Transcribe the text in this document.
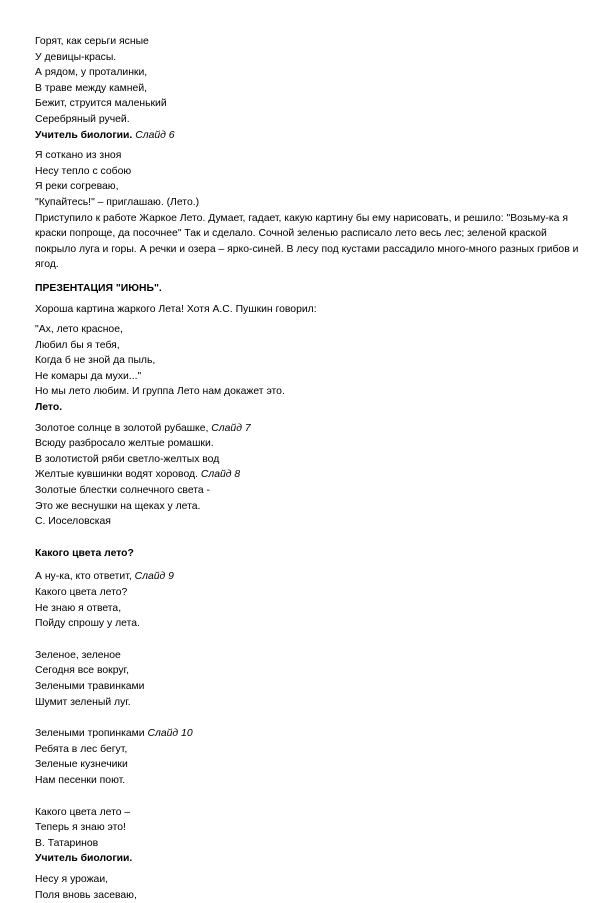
Горят, как серьги ясные
У девицы-красы.
А рядом, у проталинки,
В траве между камней,
Бежит, струится маленький
Серебряный ручей.
Учитель биологии. Слайд 6
Я соткано из зноя
Несу тепло с собою
Я реки согреваю,
"Купайтесь!" – приглашаю. (Лето.)
Приступило к работе Жаркое Лето. Думает, гадает, какую картину бы ему нарисовать, и решило: "Возьму-ка я краски попроще, да посочнее" Так и сделало. Сочной зеленью расписало лето весь лес; зеленой краской покрыло луга и горы. А речки и озера – ярко-синей. В лесу под кустами рассадило много-много разных грибов и ягод.
ПРЕЗЕНТАЦИЯ "ИЮНЬ".
Хороша картина жаркого Лета! Хотя А.С. Пушкин говорил:
"Ах, лето красное,
Любил бы я тебя,
Когда б не зной да пыль,
Не комары да мухи..."
Но мы лето любим. И группа Лето нам докажет это.
Лето.
Золотое солнце в золотой рубашке, Слайд 7
Всюду разбросало желтые ромашки.
В золотистой ряби светло-желтых вод
Желтые кувшинки водят хоровод. Слайд 8
Золотые блестки солнечного света -
Это же веснушки на щеках у лета.
С. Иоселовская
Какого цвета лето?
А ну-ка, кто ответит, Слайд 9
Какого цвета лето?
Не знаю я ответа,
Пойду спрошу у лета.
Зеленое, зеленое
Сегодня все вокруг,
Зелеными травинками
Шумит зеленый луг.
Зелеными тропинками Слайд 10
Ребята в лес бегут,
Зеленые кузнечики
Нам песенки поют.
Какого цвета лето –
Теперь я знаю это!
В. Татаринов
Учитель биологии.
Несу я урожаи,
Поля вновь засеваю,
